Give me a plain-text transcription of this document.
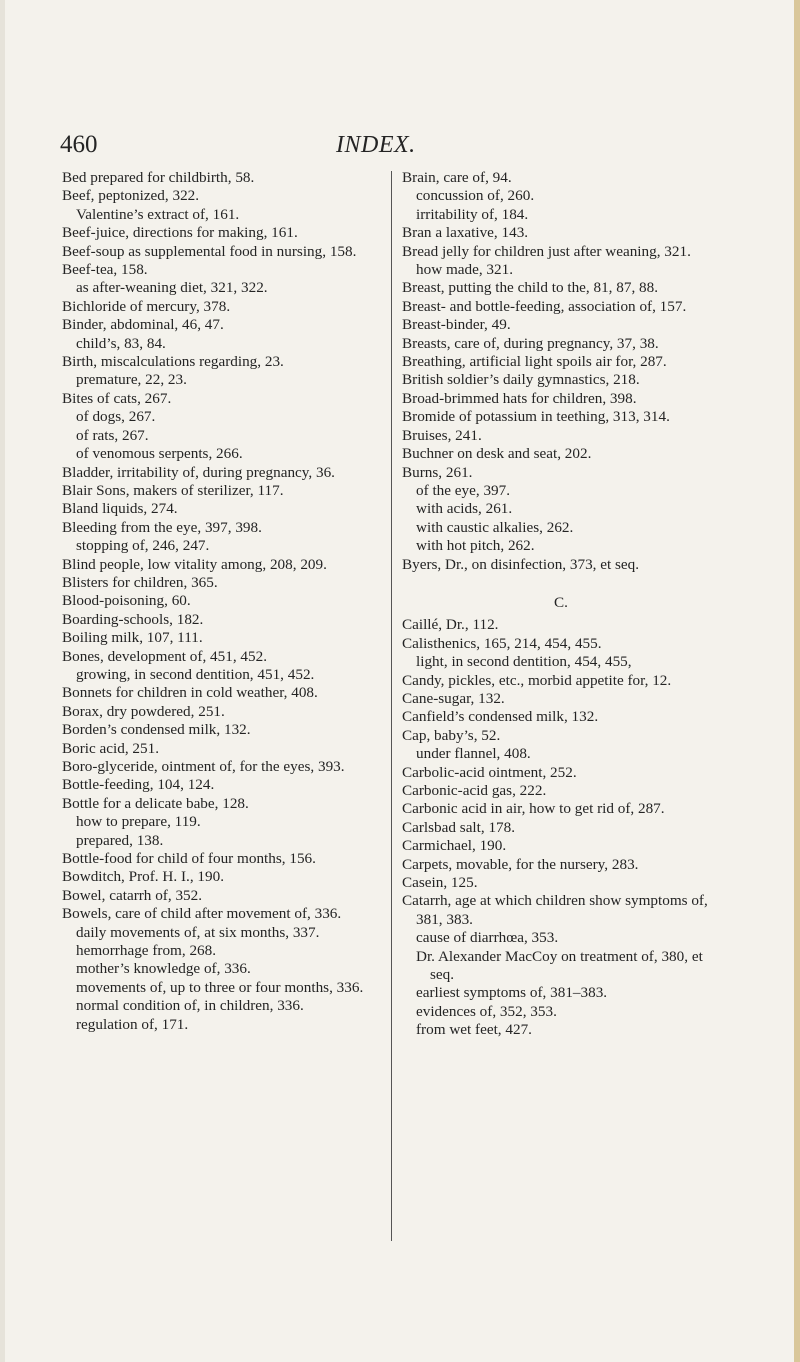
460	INDEX.

Bed prepared for childbirth, 58.

Beef, peptonized, 322.

Valentine’s extract of, 161.

Beef-juice, directions for making, 161.

Beef-soup as supplemental food in nursing, 158.

Beef-tea, 158.

as after-weaning diet, 321, 322.

Bichloride of mercury, 378.

Binder, abdominal, 46, 47.

child’s, 83, 84.

Birth, miscalculations regarding, 23.

premature, 22, 23.

Bites of cats, 267.

of dogs, 267.

of rats, 267.

of venomous serpents, 266.

Bladder, irritability of, during pregnancy, 36.

Blair Sons, makers of sterilizer, 117.

Bland liquids, 274.

Bleeding from the eye, 397, 398.

stopping of, 246, 247.

Blind people, low vitality among, 208, 209.

Blisters for children, 365.

Blood-poisoning, 60.

Boarding-schools, 182.

Boiling milk, 107, 111.

Bones, development of, 451, 452.

growing, in second dentition, 451, 452.

Bonnets for children in cold weather, 408.

Borax, dry powdered, 251.

Borden’s condensed milk, 132.

Boric acid, 251.

Boro-glyceride, ointment of, for the eyes, 393.

Bottle-feeding, 104, 124.

Bottle for a delicate babe, 128.

how to prepare, 119.

prepared, 138.

Bottle-food for child of four months, 156.

Bowditch, Prof. H. I., 190.

Bowel, catarrh of, 352.

Bowels, care of child after movement of, 336.

daily movements of, at six months, 337.

hemorrhage from, 268.

mother’s knowledge of, 336.

movements of, up to three or four months, 336.

normal condition of, in children, 336.

regulation of, 171.

Brain, care of, 94.

concussion of, 260.

irritability of, 184.

Bran a laxative, 143.

Bread jelly for children just after weaning, 321.

how made, 321.

Breast, putting the child to the, 81, 87, 88.

Breast- and bottle-feeding, association of, 157.

Breast-binder, 49.

Breasts, care of, during pregnancy, 37, 38.

Breathing, artificial light spoils air for, 287.

British soldier’s daily gymnastics, 218.

Broad-brimmed hats for children, 398.

Bromide of potassium in teething, 313, 314.

Bruises, 241.

Buchner on desk and seat, 202.

Burns, 261.

of the eye, 397.

with acids, 261.

with caustic alkalies, 262.

with hot pitch, 262.

Byers, Dr., on disinfection, 373, et seq.

C.

Caillé, Dr., 112.

Calisthenics, 165, 214, 454, 455.

light, in second dentition, 454, 455,

Candy, pickles, etc., morbid appetite for, 12.

Cane-sugar, 132.

Canfield’s condensed milk, 132.

Cap, baby’s, 52.

under flannel, 408.

Carbolic-acid ointment, 252.

Carbonic-acid gas, 222.

Carbonic acid in air, how to get rid of, 287.

Carlsbad salt, 178.

Carmichael, 190.

Carpets, movable, for the nursery, 283.

Casein, 125.

Catarrh, age at which children show symptoms of, 381, 383.

cause of diarrhœa, 353.

Dr. Alexander MacCoy on treatment of, 380, et seq.

earliest symptoms of, 381–383.

evidences of, 352, 353.

from wet feet, 427.
